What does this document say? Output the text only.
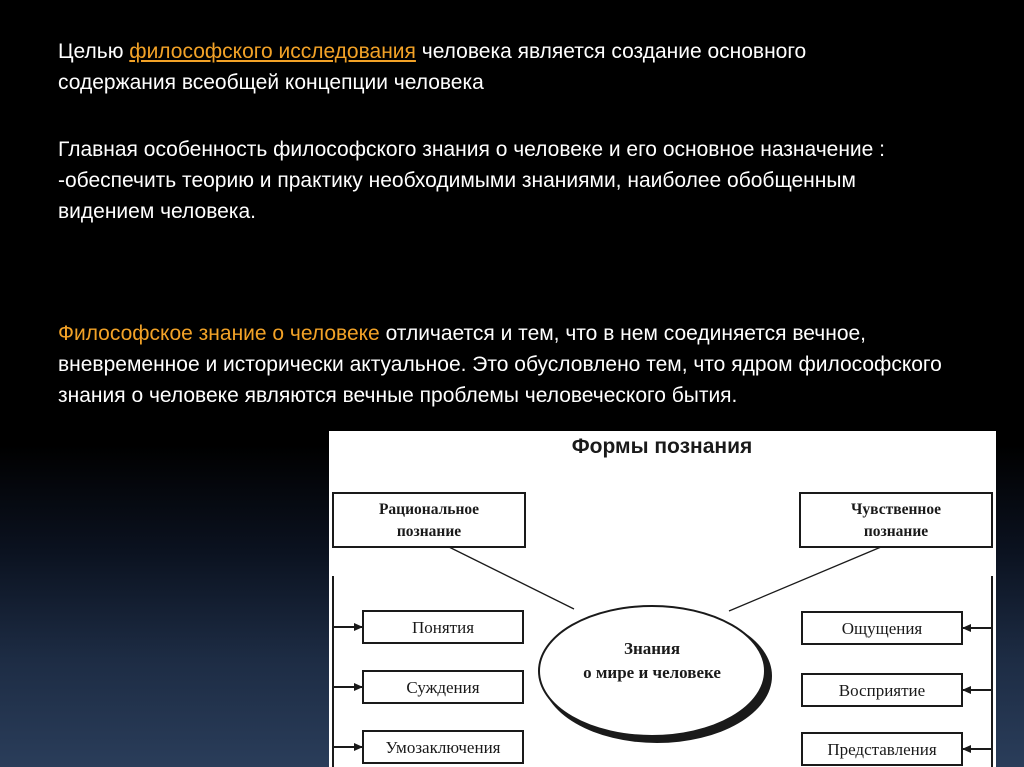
Целью философского исследования человека является создание основного содержания всеобщей концепции человека

Главная особенность философского знания о человеке и его основное назначение :
-обеспечить теорию и практику необходимыми знаниями, наиболее обобщенным видением человека.

Философское знание о человеке отличается и тем, что в нем соединяется вечное, вневременное и исторически актуальное. Это обусловлено тем, что ядром философского знания о человеке являются вечные проблемы человеческого бытия.

Формы познания
Рациональное
познание
Чувственное
познание
Понятия
Суждения
Умозаключения
Ощущения
Восприятие
Представления
Знания
о мире и человеке
